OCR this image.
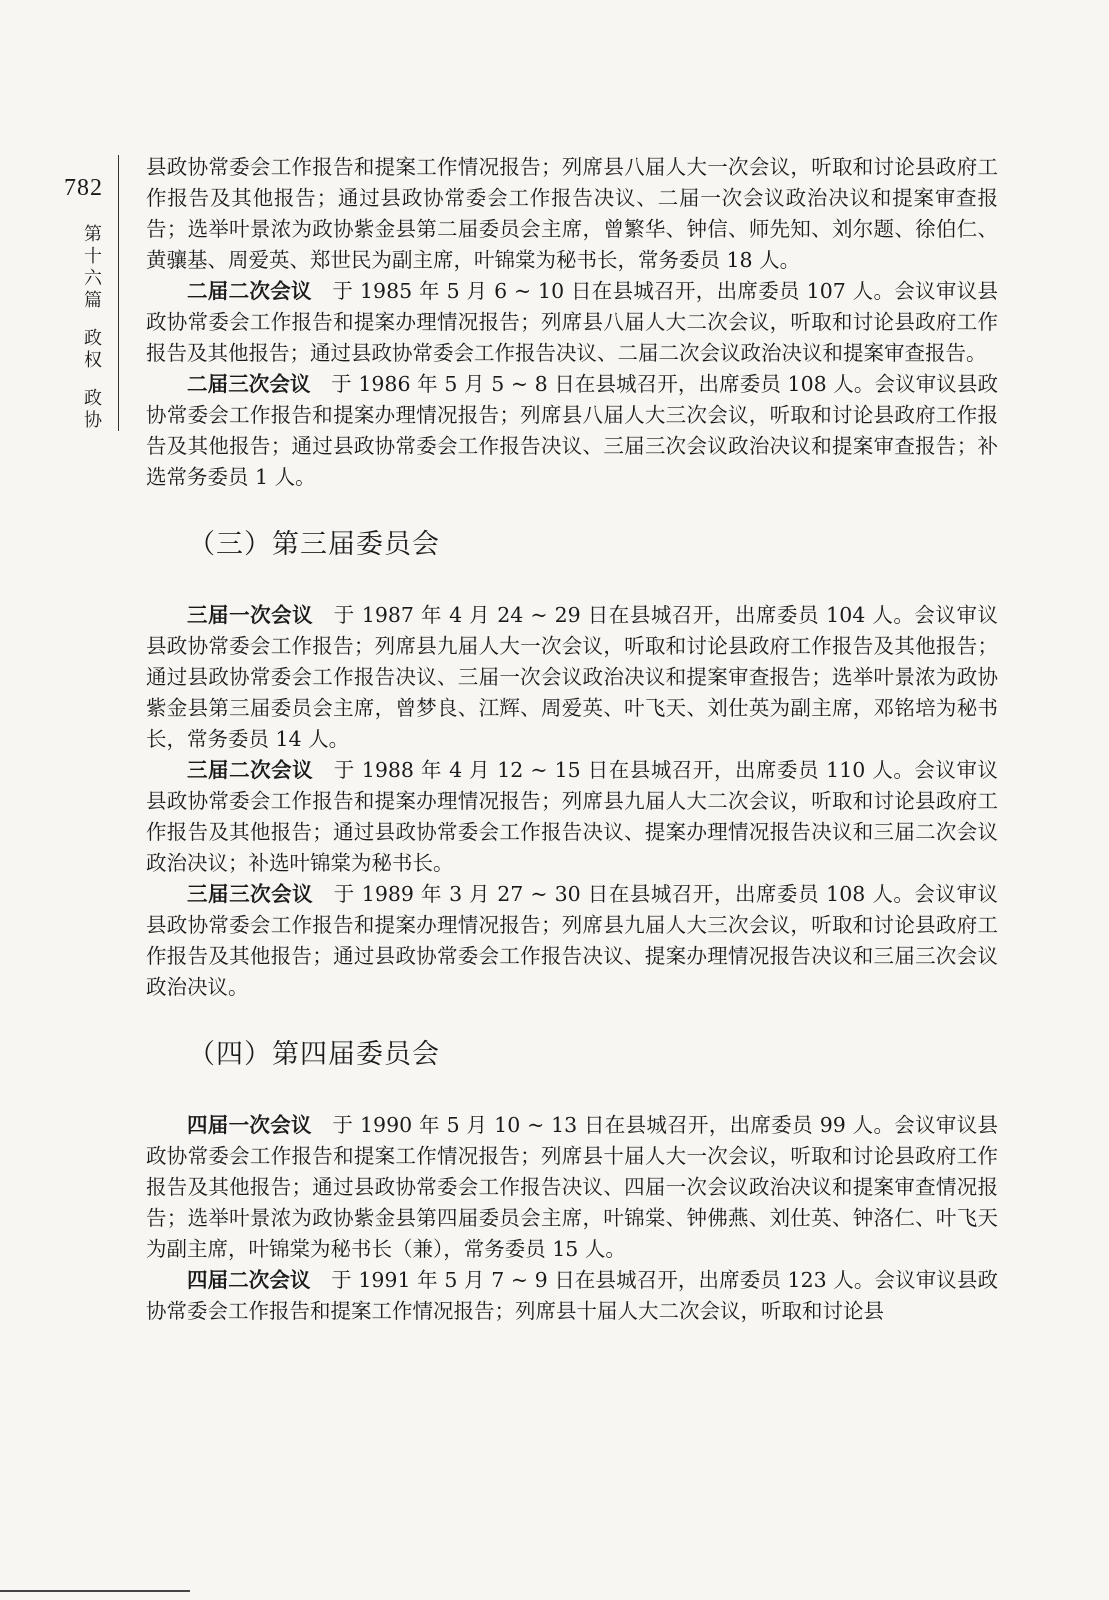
782
第
十
六
篇
政
权
政
协

县政协常委会工作报告和提案工作情况报告；列席县八届人大一次会议，听取和讨论县政府工作报告及其他报告；通过县政协常委会工作报告决议、二届一次会议政治决议和提案审查报告；选举叶景浓为政协紫金县第二届委员会主席，曾繁华、钟信、师先知、刘尔题、徐伯仁、黄骧基、周爱英、郑世民为副主席，叶锦棠为秘书长，常务委员 18 人。

二届二次会议 于 1985 年 5 月 6 ~ 10 日在县城召开，出席委员 107 人。会议审议县政协常委会工作报告和提案办理情况报告；列席县八届人大二次会议，听取和讨论县政府工作报告及其他报告；通过县政协常委会工作报告决议、二届二次会议政治决议和提案审查报告。

二届三次会议 于 1986 年 5 月 5 ~ 8 日在县城召开，出席委员 108 人。会议审议县政协常委会工作报告和提案办理情况报告；列席县八届人大三次会议，听取和讨论县政府工作报告及其他报告；通过县政协常委会工作报告决议、三届三次会议政治决议和提案审查报告；补选常务委员 1 人。

（三）第三届委员会

三届一次会议 于 1987 年 4 月 24 ~ 29 日在县城召开，出席委员 104 人。会议审议县政协常委会工作报告；列席县九届人大一次会议，听取和讨论县政府工作报告及其他报告；通过县政协常委会工作报告决议、三届一次会议政治决议和提案审查报告；选举叶景浓为政协紫金县第三届委员会主席，曾梦良、江辉、周爱英、叶飞天、刘仕英为副主席，邓铭培为秘书长，常务委员 14 人。

三届二次会议 于 1988 年 4 月 12 ~ 15 日在县城召开，出席委员 110 人。会议审议县政协常委会工作报告和提案办理情况报告；列席县九届人大二次会议，听取和讨论县政府工作报告及其他报告；通过县政协常委会工作报告决议、提案办理情况报告决议和三届二次会议政治决议；补选叶锦棠为秘书长。

三届三次会议 于 1989 年 3 月 27 ~ 30 日在县城召开，出席委员 108 人。会议审议县政协常委会工作报告和提案办理情况报告；列席县九届人大三次会议，听取和讨论县政府工作报告及其他报告；通过县政协常委会工作报告决议、提案办理情况报告决议和三届三次会议政治决议。

（四）第四届委员会

四届一次会议 于 1990 年 5 月 10 ~ 13 日在县城召开，出席委员 99 人。会议审议县政协常委会工作报告和提案工作情况报告；列席县十届人大一次会议，听取和讨论县政府工作报告及其他报告；通过县政协常委会工作报告决议、四届一次会议政治决议和提案审查情况报告；选举叶景浓为政协紫金县第四届委员会主席，叶锦棠、钟佛燕、刘仕英、钟洛仁、叶飞天为副主席，叶锦棠为秘书长（兼），常务委员 15 人。

四届二次会议 于 1991 年 5 月 7 ~ 9 日在县城召开，出席委员 123 人。会议审议县政协常委会工作报告和提案工作情况报告；列席县十届人大二次会议，听取和讨论县
